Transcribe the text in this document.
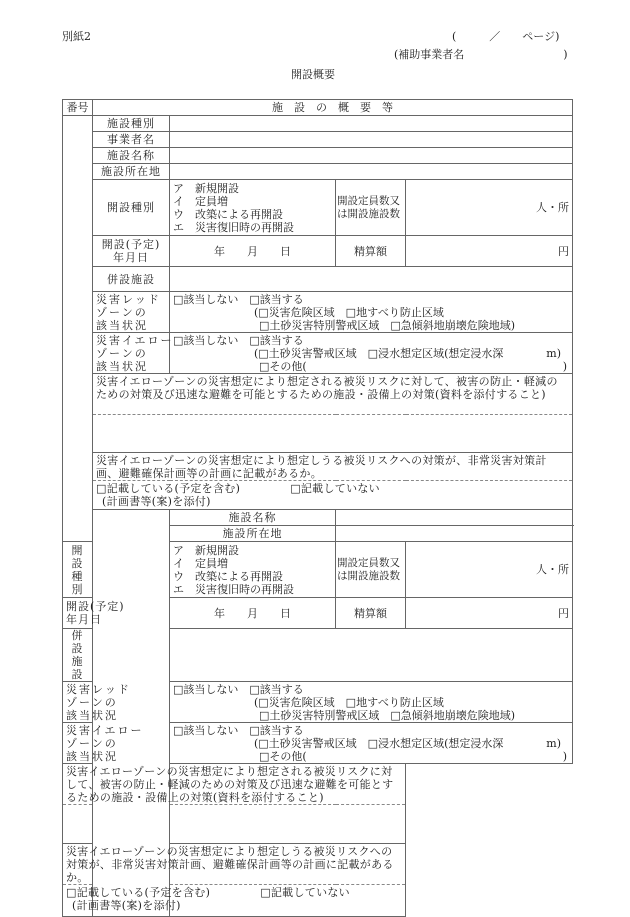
別紙2	(　　　／　　ページ)
(補助事業者名　　　　　　　　　)
開設概要
番号	施　設　の　概　要　等			
	施設種別			
	事業者名			
	施設名称			
	施設所在地			
	開設種別	ア　新規開設
イ　定員増
ウ　改築による再開設
エ　災害復旧時の再開設	開設定員数又
は開設施設数	人・所

	開設(予定)
年月日	年　　月　　日	精算額	円
	併設施設			

	災害レッド
ゾーンの
該当状況	□該当しない　□該当する
(□災害危険区域　□地すべり防止区域
□土砂災害特別警戒区域　□急傾斜地崩壊危険地域)		

	災害イエロー
ゾーンの
該当状況	□該当しない　□該当する
(□土砂災害警戒区域　□浸水想定区域(想定浸水深 m)
□その他( )		

	災害イエローゾーンの災害想定により想定される被災リスクに対して、被害の防止・軽減のための対策及び迅速な避難を可能とするための施設・設備上の対策(資料を添付すること)			

	災害イエローゾーンの災害想定により想定しうる被災リスクへの対策が、非常災害対策計画、避難確保計画等の計画に記載があるか。			

	□記載している(予定を含む) □記載していない
(計画書等(案)を添付)			

		施設名称		
		施設所在地		
開設種別		ア　新規開設
イ　定員増
ウ　改築による再開設
エ　災害復旧時の再開設	開設定員数又
は開設施設数	人・所

開設(予定)
年月日		年　　月　　日	精算額	円
併設施設				

災害レッド
ゾーンの
該当状況		□該当しない　□該当する
(□災害危険区域　□地すべり防止区域
□土砂災害特別警戒区域　□急傾斜地崩壊危険地域)		

災害イエロー
ゾーンの
該当状況		□該当しない　□該当する
(□土砂災害警戒区域　□浸水想定区域(想定浸水深 m)
□その他( )		

災害イエローゾーンの災害想定により想定される被災リスクに対して、被害の防止・軽減のための対策及び迅速な避難を可能とするための施設・設備上の対策(資料を添付すること)				

災害イエローゾーンの災害想定により想定しうる被災リスクへの対策が、非常災害対策計画、避難確保計画等の計画に記載があるか。				

□記載している(予定を含む) □記載していない
(計画書等(案)を添付)				
